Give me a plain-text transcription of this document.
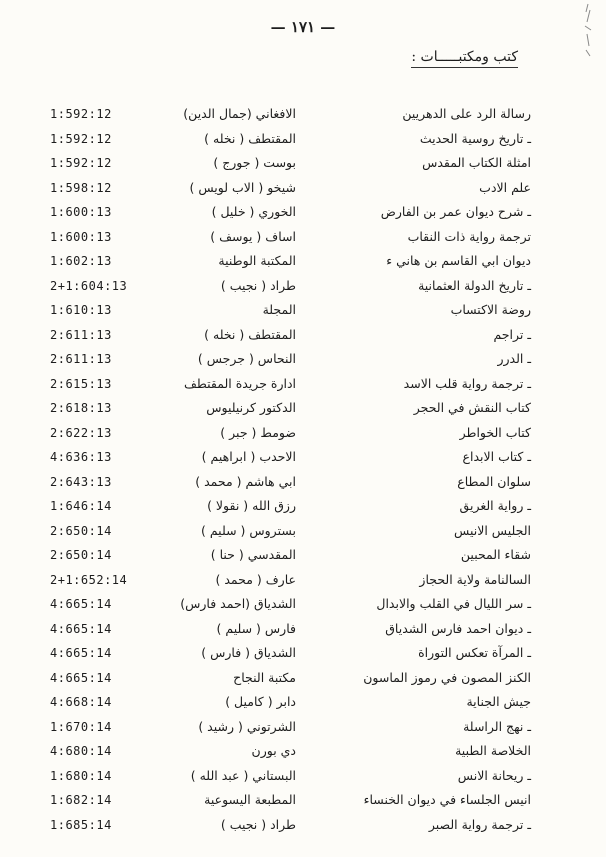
— ١٧١ —
كتب ومكتبـــــات :
رسالة الرد على الدهريين
الافغاني (جمال الدين)
1:592:12
ـ تاريخ روسية الحديث
المقتطف ( نخله )
1:592:12
امثلة الكتاب المقدس
بوست ( جورج )
1:592:12
علم الادب
شيخو ( الاب لويس )
1:598:12
ـ شرح ديوان عمر بن الفارض
الخوري ( خليل )
1:600:13
ترجمة رواية ذات النقاب
اساف ( يوسف )
1:600:13
ديوان ابي القاسم بن هاني ء
المكتبة الوطنية
1:602:13
ـ تاريخ الدولة العثمانية
طراد ( نجيب )
2+1:604:13
روضة الاكتساب
المجلة
1:610:13
ـ تراجم
المقتطف ( نخله )
2:611:13
ـ الدرر
النحاس ( جرجس )
2:611:13
ـ ترجمة رواية قلب الاسد
ادارة جريدة المقتطف
2:615:13
كتاب النقش في الحجر
الدكتور كرنيليوس
2:618:13
كتاب الخواطر
ضومط ( جبر )
2:622:13
ـ كتاب الابداع
الاحدب ( ابراهيم )
4:636:13
سلوان المطاع
ابي هاشم ( محمد )
2:643:13
ـ رواية الغريق
رزق الله ( نقولا )
1:646:14
الجليس الانيس
بستروس ( سليم )
2:650:14
شقاء المحبين
المقدسي ( حنا )
2:650:14
السالنامة ولاية الحجاز
عارف ( محمد )
2+1:652:14
ـ سر الليال في القلب والابدال
الشدياق (احمد فارس)
4:665:14
ـ ديوان احمد فارس الشدياق
فارس ( سليم )
4:665:14
ـ المرآة تعكس التوراة
الشدياق ( فارس )
4:665:14
الكنز المصون في رموز الماسون
مكتبة النجاح
4:665:14
جيش الجناية
دابر ( كاميل )
4:668:14
ـ نهج الراسلة
الشرتوني ( رشيد )
1:670:14
الخلاصة الطبية
دي بورن
4:680:14
ـ ريحانة الانس
البستاني ( عبد الله )
1:680:14
انيس الجلساء في ديوان الخنساء
المطبعة اليسوعية
1:682:14
ـ ترجمة رواية الصبر
طراد ( نجيب )
1:685:14
